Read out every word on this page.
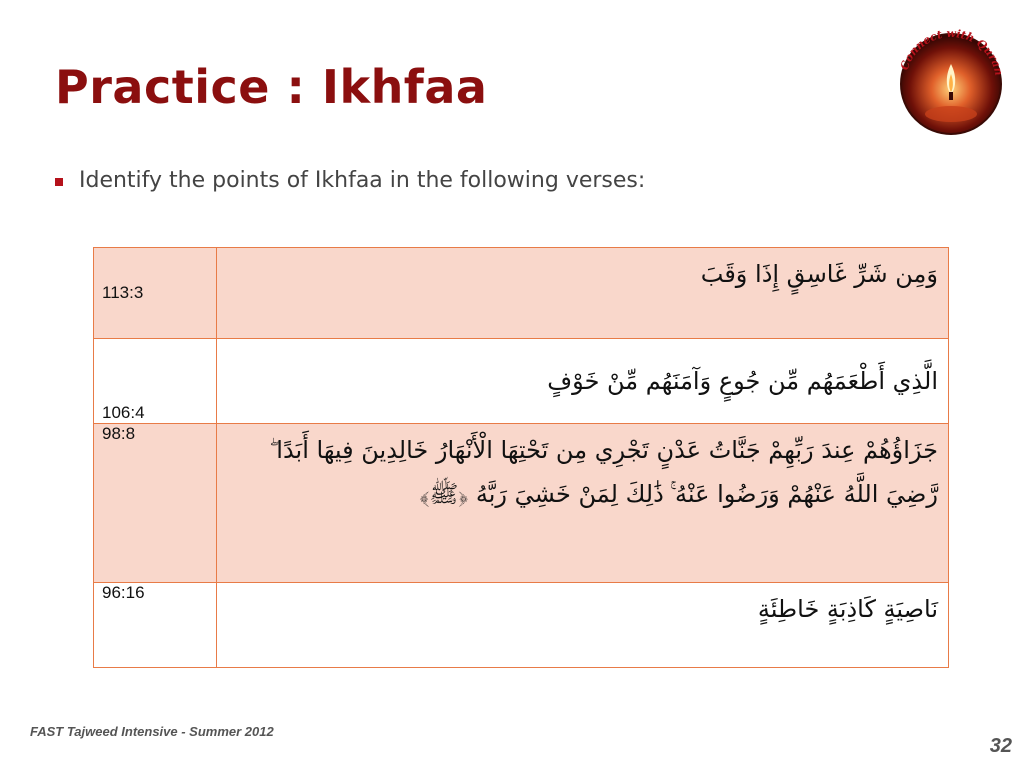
Practice : Ikhfaa	Connect with Quran
Identify the points of Ikhfaa in the following verses:
113:3	وَمِن شَرِّ غَاسِقٍ إِذَا وَقَبَ
106:4	الَّذِي أَطْعَمَهُم مِّن جُوعٍ وَآمَنَهُم مِّنْ خَوْفٍ
98:8	جَزَاؤُهُمْ عِندَ رَبِّهِمْ جَنَّاتُ عَدْنٍ تَجْرِي مِن تَحْتِهَا الْأَنْهَارُ خَالِدِينَ فِيهَا أَبَدًا ۖ رَّضِيَ اللَّهُ عَنْهُمْ وَرَضُوا عَنْهُ ۚ ذَٰلِكَ لِمَنْ خَشِيَ رَبَّهُ ﴿ﷺ﴾
96:16	نَاصِيَةٍ كَاذِبَةٍ خَاطِئَةٍ
FAST Tajweed Intensive - Summer 2012
32
